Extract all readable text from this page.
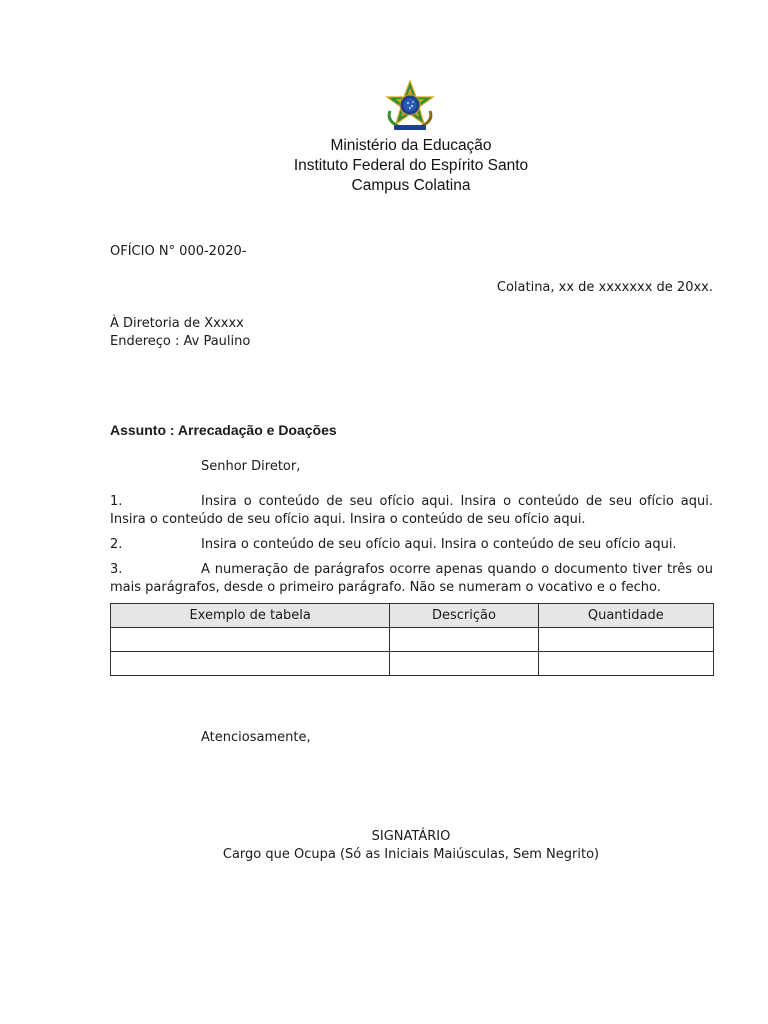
Ministério da Educação
Instituto Federal do Espírito Santo
Campus Colatina
OFÍCIO N° 000-2020-
Colatina, xx de xxxxxxx de 20xx.
À Diretoria de Xxxxx
Endereço : Av Paulino
Assunto : Arrecadação e Doações
Senhor Diretor,
1.	Insira o conteúdo de seu ofício aqui. Insira o conteúdo de seu ofício aqui. Insira o conteúdo de seu ofício aqui. Insira o conteúdo de seu ofício aqui.
2.	Insira o conteúdo de seu ofício aqui. Insira o conteúdo de seu ofício aqui.
3.	A numeração de parágrafos ocorre apenas quando o documento tiver três ou mais parágrafos, desde o primeiro parágrafo. Não se numeram o vocativo e o fecho.
Exemplo de tabela	Descrição	Quantidade

Atenciosamente,
SIGNATÁRIO
Cargo que Ocupa (Só as Iniciais Maiúsculas, Sem Negrito)
